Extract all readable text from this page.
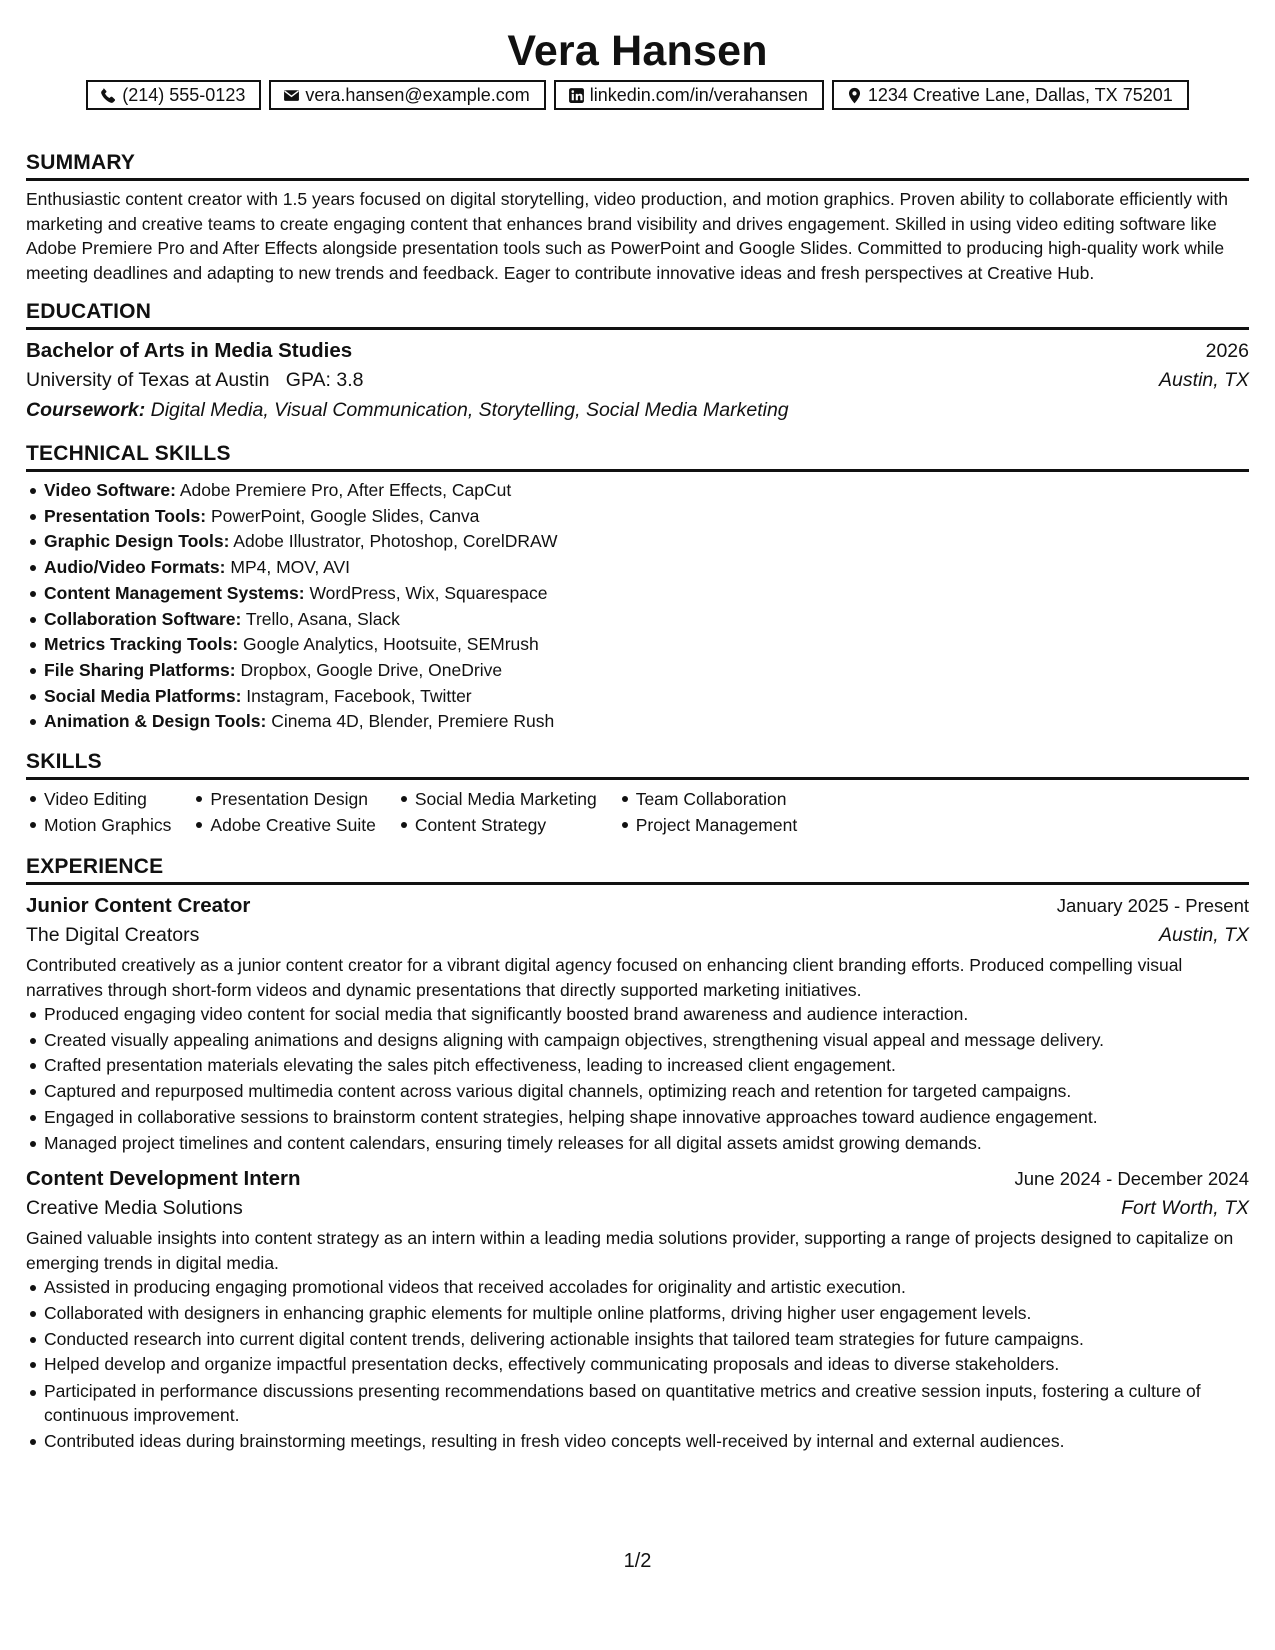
Vera Hansen
(214) 555-0123	vera.hansen@example.com	linkedin.com/in/verahansen	1234 Creative Lane, Dallas, TX 75201
SUMMARY
Enthusiastic content creator with 1.5 years focused on digital storytelling, video production, and motion graphics. Proven ability to collaborate efficiently with marketing and creative teams to create engaging content that enhances brand visibility and drives engagement. Skilled in using video editing software like Adobe Premiere Pro and After Effects alongside presentation tools such as PowerPoint and Google Slides. Committed to producing high-quality work while meeting deadlines and adapting to new trends and feedback. Eager to contribute innovative ideas and fresh perspectives at Creative Hub.
EDUCATION
Bachelor of Arts in Media Studies	2026
University of Texas at Austin GPA: 3.8	Austin, TX
Coursework: Digital Media, Visual Communication, Storytelling, Social Media Marketing
TECHNICAL SKILLS
Video Software: Adobe Premiere Pro, After Effects, CapCut
Presentation Tools: PowerPoint, Google Slides, Canva
Graphic Design Tools: Adobe Illustrator, Photoshop, CorelDRAW
Audio/Video Formats: MP4, MOV, AVI
Content Management Systems: WordPress, Wix, Squarespace
Collaboration Software: Trello, Asana, Slack
Metrics Tracking Tools: Google Analytics, Hootsuite, SEMrush
File Sharing Platforms: Dropbox, Google Drive, OneDrive
Social Media Platforms: Instagram, Facebook, Twitter
Animation & Design Tools: Cinema 4D, Blender, Premiere Rush
SKILLS
Video Editing
Motion Graphics
Presentation Design
Adobe Creative Suite
Social Media Marketing
Content Strategy
Team Collaboration
Project Management
EXPERIENCE
Junior Content Creator	January 2025 - Present
The Digital Creators	Austin, TX
Contributed creatively as a junior content creator for a vibrant digital agency focused on enhancing client branding efforts. Produced compelling visual narratives through short-form videos and dynamic presentations that directly supported marketing initiatives.
Produced engaging video content for social media that significantly boosted brand awareness and audience interaction.
Created visually appealing animations and designs aligning with campaign objectives, strengthening visual appeal and message delivery.
Crafted presentation materials elevating the sales pitch effectiveness, leading to increased client engagement.
Captured and repurposed multimedia content across various digital channels, optimizing reach and retention for targeted campaigns.
Engaged in collaborative sessions to brainstorm content strategies, helping shape innovative approaches toward audience engagement.
Managed project timelines and content calendars, ensuring timely releases for all digital assets amidst growing demands.
Content Development Intern	June 2024 - December 2024
Creative Media Solutions	Fort Worth, TX
Gained valuable insights into content strategy as an intern within a leading media solutions provider, supporting a range of projects designed to capitalize on emerging trends in digital media.
Assisted in producing engaging promotional videos that received accolades for originality and artistic execution.
Collaborated with designers in enhancing graphic elements for multiple online platforms, driving higher user engagement levels.
Conducted research into current digital content trends, delivering actionable insights that tailored team strategies for future campaigns.
Helped develop and organize impactful presentation decks, effectively communicating proposals and ideas to diverse stakeholders.
Participated in performance discussions presenting recommendations based on quantitative metrics and creative session inputs, fostering a culture of continuous improvement.
Contributed ideas during brainstorming meetings, resulting in fresh video concepts well-received by internal and external audiences.
1/2
